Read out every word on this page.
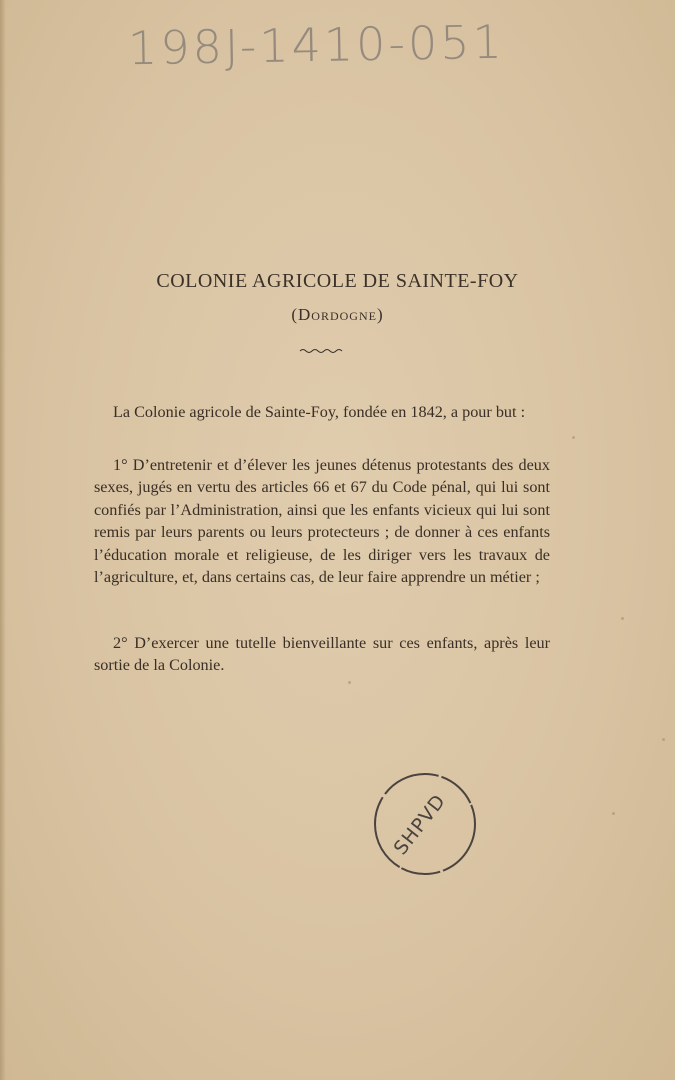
198J-1410-051
COLONIE AGRICOLE DE SAINTE-FOY
(Dordogne)
La Colonie agricole de Sainte-Foy, fondée en 1842, a pour but :
1° D’entretenir et d’élever les jeunes détenus protestants des deux sexes, jugés en vertu des articles 66 et 67 du Code pénal, qui lui sont confiés par l’Administration, ainsi que les enfants vicieux qui lui sont remis par leurs parents ou leurs protecteurs ; de donner à ces enfants l’éducation morale et religieuse, de les diriger vers les travaux de l’agriculture, et, dans certains cas, de leur faire apprendre un métier ;
2° D’exercer une tutelle bienveillante sur ces enfants, après leur sortie de la Colonie.
SHPVD
